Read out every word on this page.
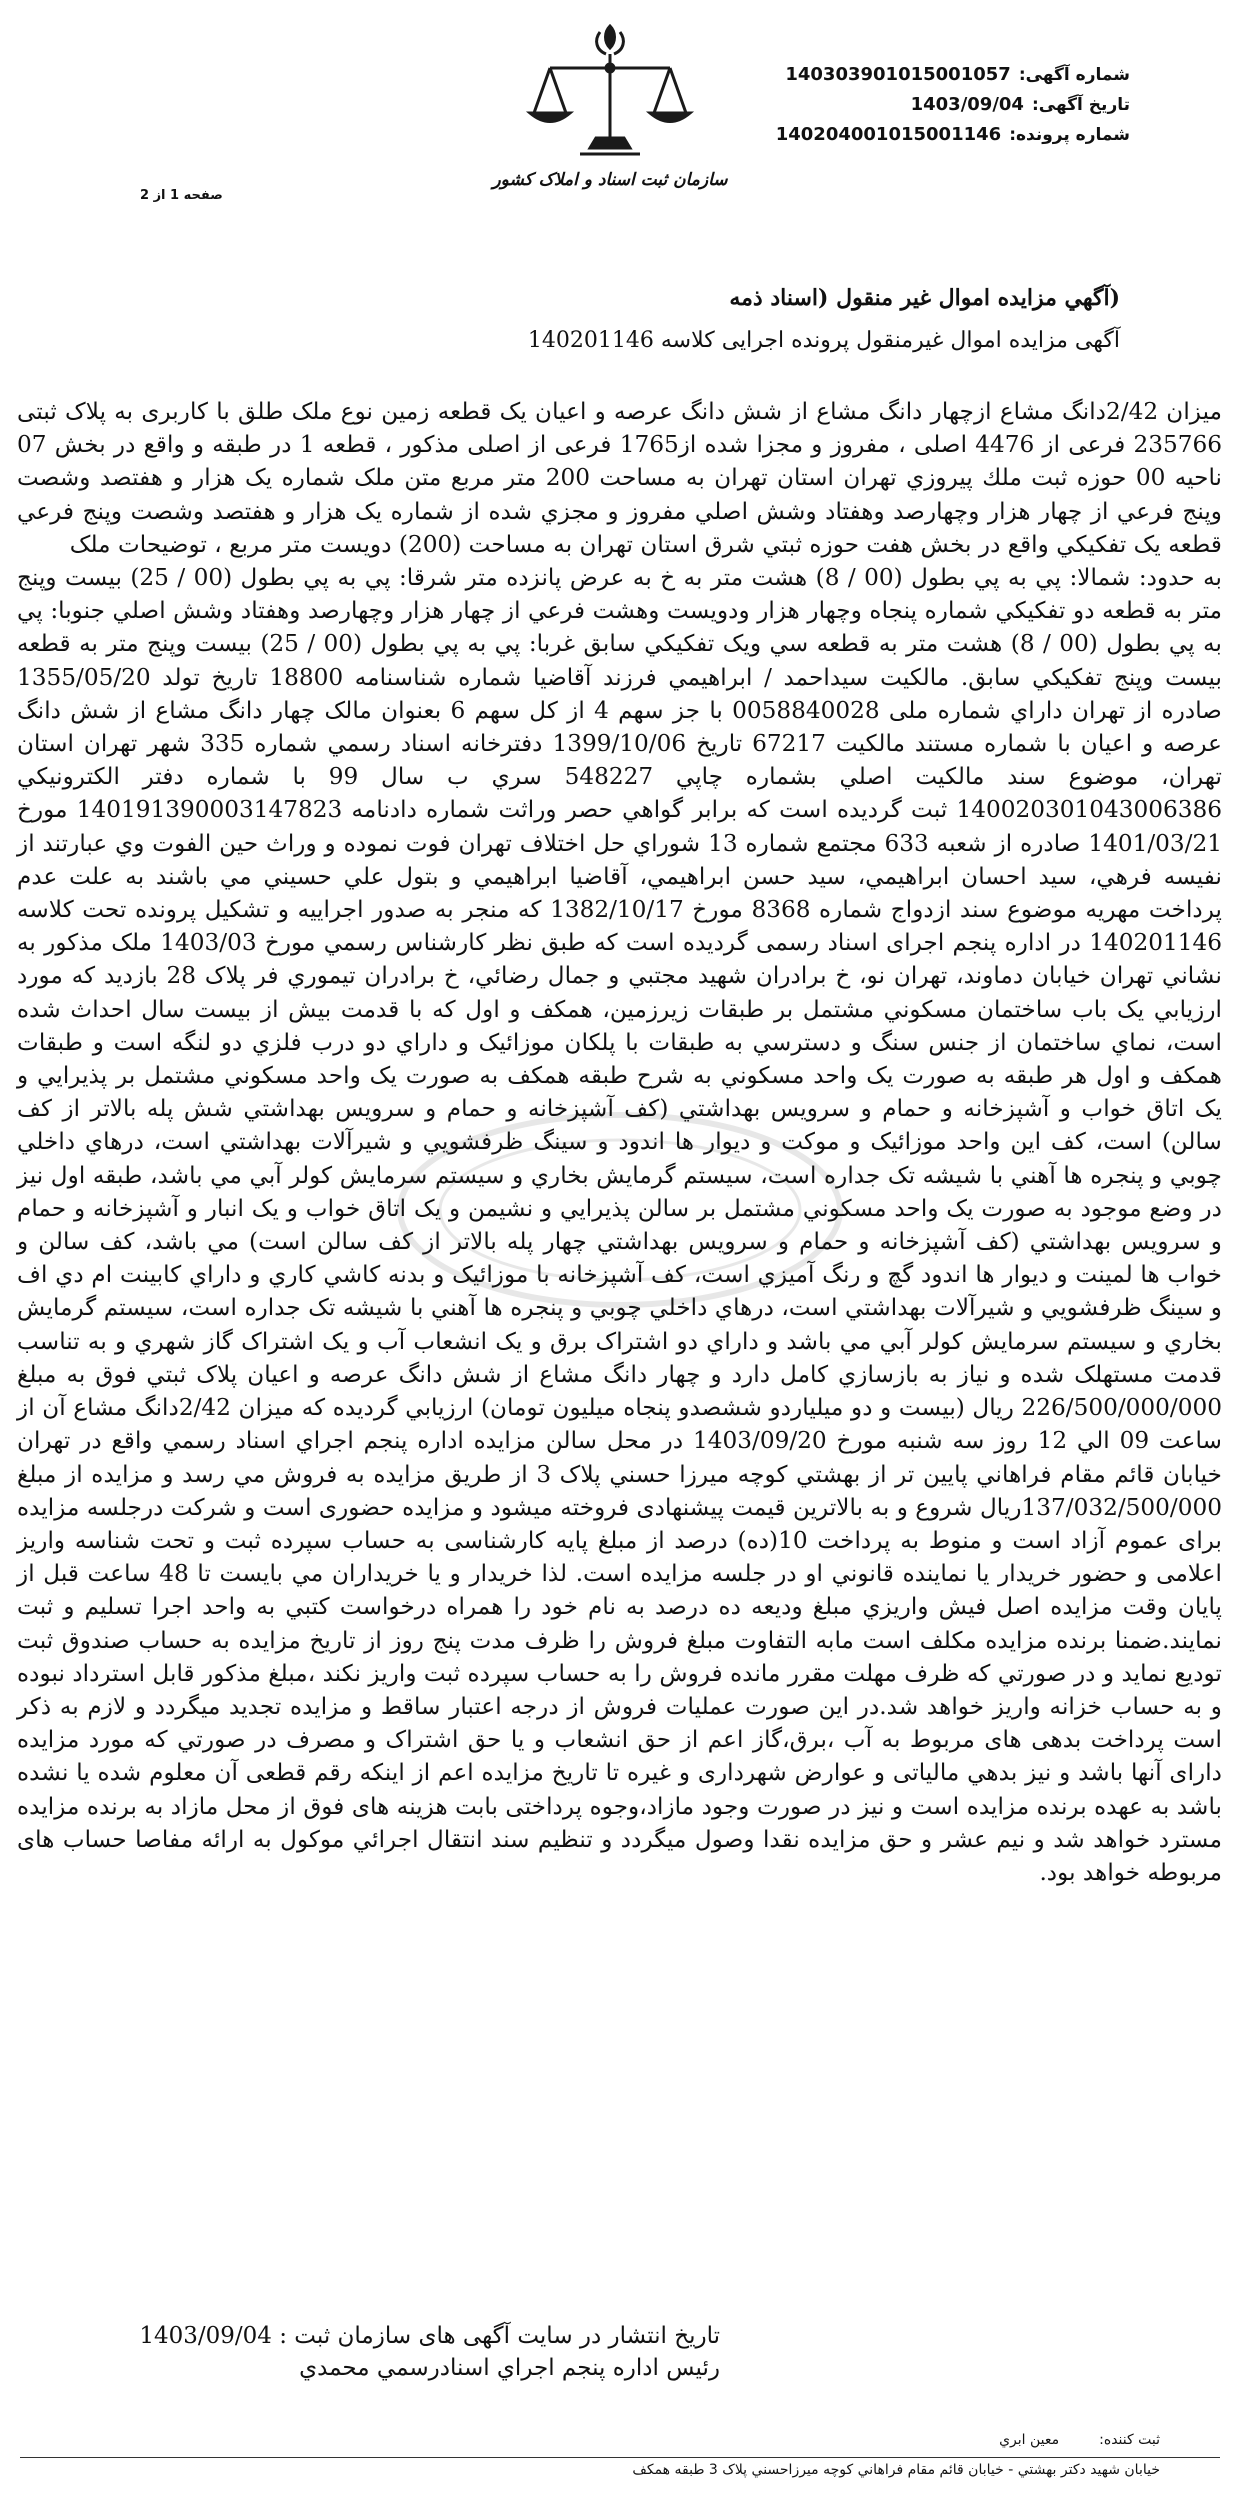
شماره آگهی:
140303901015001057
تاریخ آگهی:
1403/09/04
شماره پرونده:
140204001015001146
سازمان ثبت اسناد و املاک کشور
صفحه 1 از 2
(آگهي مزايده اموال غير منقول (اسناد ذمه
آگهی مزایده اموال غیرمنقول پرونده اجرایی کلاسه 140201146

ميزان 2/42دانگ مشاع ازچهار دانگ مشاع از شش دانگ عرصه و اعيان يک قطعه زمين نوع ملک طلق با کاربری به پلاک ثبتی 235766 فرعی از 4476 اصلی ، مفروز و مجزا شده از1765 فرعی از اصلی مذکور ، قطعه 1 در طبقه و واقع در بخش 07 ناحيه 00 حوزه ثبت ملك پيروزي تهران استان تهران به مساحت 200 متر مربع متن ملک شماره يک هزار و هفتصد وشصت وپنج فرعي از چهار هزار وچهارصد وهفتاد وشش اصلي مفروز و مجزي شده از شماره يک هزار و هفتصد وشصت وپنج فرعي قطعه يک تفکيکي واقع در بخش هفت حوزه ثبتي شرق استان تهران به مساحت (200) دويست متر مربع ، توضيحات ملک

به حدود: شمالا: پي به پي بطول (00 / 8) هشت متر به خ به عرض پانزده متر شرقا: پي به پي بطول (00 / 25) بيست وپنج متر به قطعه دو تفکيکي شماره پنجاه وچهار هزار ودويست وهشت فرعي از چهار هزار وچهارصد وهفتاد وشش اصلي جنوبا: پي به پي بطول (00 / 8) هشت متر به قطعه سي ويک تفکيکي سابق غربا: پي به پي بطول (00 / 25) بيست وپنج متر به قطعه بيست وپنج تفکيکي سابق. مالکيت سيداحمد / ابراهيمي فرزند آقاضيا شماره شناسنامه 18800 تاريخ تولد 1355/05/20 صادره از تهران داراي شماره ملی 0058840028 با جز سهم 4 از کل سهم 6 بعنوان مالک چهار دانگ مشاع از شش دانگ عرصه و اعيان با شماره مستند مالکيت 67217 تاريخ 1399/10/06 دفترخانه اسناد رسمي شماره 335 شهر تهران استان تهران، موضوع سند مالکيت اصلي بشماره چاپي 548227 سري ب سال 99 با شماره دفتر الکترونيکي 140020301043006386 ثبت گرديده است که برابر گواهي حصر وراثت شماره دادنامه 140191390003147823 مورخ 1401/03/21 صادره از شعبه 633 مجتمع شماره 13 شوراي حل اختلاف تهران فوت نموده و وراث حين الفوت وي عبارتند از نفيسه فرهي، سيد احسان ابراهيمي، سيد حسن ابراهيمي، آقاضيا ابراهيمي و بتول علي حسيني مي باشند به علت عدم پرداخت مهريه موضوع سند ازدواج شماره 8368 مورخ 1382/10/17 كه منجر به صدور اجراييه و تشکيل پرونده تحت کلاسه 140201146 در اداره پنجم اجرای اسناد رسمی گرديده است که طبق نظر کارشناس رسمي مورخ 1403/03 ملک مذکور به نشاني تهران خيابان دماوند، تهران نو، خ برادران شهيد مجتبي و جمال رضائي، خ برادران تيموري فر پلاک 28 بازديد که مورد ارزيابي يک باب ساختمان مسکوني مشتمل بر طبقات زيرزمين، همکف و اول که با قدمت بيش از بيست سال احداث شده است، نماي ساختمان از جنس سنگ و دسترسي به طبقات با پلکان موزائيک و داراي دو درب فلزي دو لنگه است و طبقات همکف و اول هر طبقه به صورت يک واحد مسکوني به شرح طبقه همکف به صورت يک واحد مسکوني مشتمل بر پذيرايي و يک اتاق خواب و آشپزخانه و حمام و سرويس بهداشتي (کف آشپزخانه و حمام و سرويس بهداشتي شش پله بالاتر از کف سالن) است، کف اين واحد موزائيک و موکت و ديوار ها اندود و سينگ ظرفشويي و شيرآلات بهداشتي است، درهاي داخلي چوبي و پنجره ها آهني با شيشه تک جداره است، سيستم گرمايش بخاري و سيستم سرمايش کولر آبي مي باشد، طبقه اول نيز در وضع موجود به صورت يک واحد مسکوني مشتمل بر سالن پذيرايي و نشيمن و يک اتاق خواب و يک انبار و آشپزخانه و حمام و سرويس بهداشتي (کف آشپزخانه و حمام و سرويس بهداشتي چهار پله بالاتر از کف سالن است) مي باشد، کف سالن و خواب ها لمينت و ديوار ها اندود گچ و رنگ آميزي است، کف آشپزخانه با موزائيک و بدنه کاشي کاري و داراي کابينت ام دي اف و سينگ ظرفشويي و شيرآلات بهداشتي است، درهاي داخلي چوبي و پنجره ها آهني با شيشه تک جداره است، سيستم گرمايش بخاري و سيستم سرمايش کولر آبي مي باشد و داراي دو اشتراک برق و يک انشعاب آب و يک اشتراک گاز شهري و به تناسب قدمت مستهلک شده و نياز به بازسازي کامل دارد و چهار دانگ مشاع از شش دانگ عرصه و اعيان پلاک ثبتي فوق به مبلغ 226/500/000/000 ريال (بيست و دو ميلياردو ششصدو پنجاه ميليون تومان) ارزيابي گرديده که ميزان 2/42دانگ مشاع آن از ساعت 09 الي 12 روز سه شنبه مورخ 1403/09/20 در محل سالن مزايده اداره پنجم اجراي اسناد رسمي واقع در تهران خيابان قائم مقام فراهاني پايين تر از بهشتي کوچه ميرزا حسني پلاک 3 از طريق مزايده به فروش مي رسد و مزايده از مبلغ 137/032/500/000ريال شروع و به بالاترين قيمت پيشنهادی فروخته ميشود و مزايده حضوری است و شرکت درجلسه مزايده برای عموم آزاد است و منوط به پرداخت 10(ده) درصد از مبلغ پايه کارشناسی به حساب سپرده ثبت و تحت شناسه واريز اعلامی و حضور خريدار يا نماينده قانوني او در جلسه مزايده است. لذا خريدار و يا خريداران مي بايست تا 48 ساعت قبل از پايان وقت مزايده اصل فيش واريزي مبلغ وديعه ده درصد به نام خود را همراه درخواست کتبي به واحد اجرا تسليم و ثبت نمايند.ضمنا برنده مزايده مکلف است مابه التفاوت مبلغ فروش را ظرف مدت پنج روز از تاريخ مزايده به حساب صندوق ثبت توديع نمايد و در صورتي که ظرف مهلت مقرر مانده فروش را به حساب سپرده ثبت واريز نکند ،مبلغ مذکور قابل استرداد نبوده و به حساب خزانه واريز خواهد شد.در اين صورت عمليات فروش از درجه اعتبار ساقط و مزايده تجديد ميگردد و لازم به ذکر است پرداخت بدهی های مربوط به آب ،برق،گاز اعم از حق انشعاب و يا حق اشتراک و مصرف در صورتي که مورد مزايده دارای آنها باشد و نيز بدهي مالياتی و عوارض شهرداری و غيره تا تاريخ مزايده اعم از اينکه رقم قطعی آن معلوم شده يا نشده باشد به عهده برنده مزايده است و نيز در صورت وجود مازاد،وجوه پرداختی بابت هزينه های فوق از محل مازاد به برنده مزايده مسترد خواهد شد و نيم عشر و حق مزايده نقدا وصول ميگردد و تنظيم سند انتقال اجرائي موکول به ارائه مفاصا حساب های مربوطه خواهد بود.

تاريخ انتشار در سايت آگهی های سازمان ثبت : 1403/09/04
رئيس اداره پنجم اجراي اسنادرسمي محمدي
ثبت کننده:
معين ابري
خيابان شهيد دکتر بهشتي - خيابان قائم مقام فراهاني كوچه ميرزاحسني پلاک 3 طبقه همکف
